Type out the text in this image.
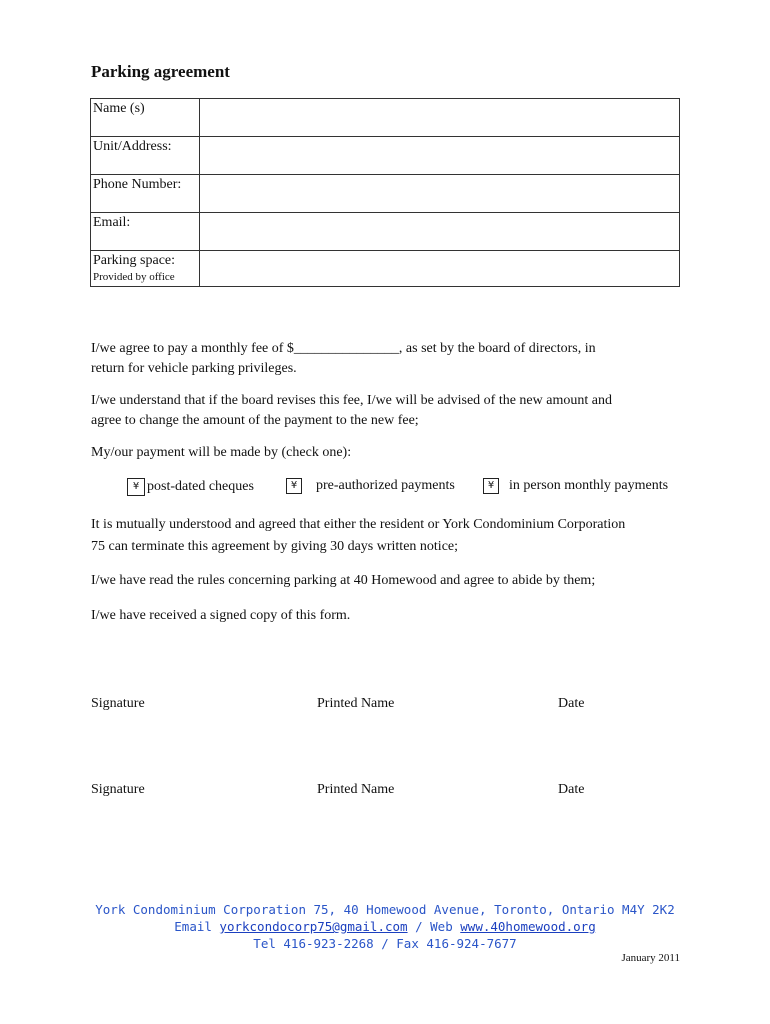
Parking agreement
Name (s)	
Unit/Address:	
Phone Number:	
Email:	
Parking space:
Provided by office	

I/we agree to pay a monthly fee of $_______________, as set by the board of directors, in
return for vehicle parking privileges.
I/we understand that if the board revises this fee, I/we will be advised of the new amount and
agree to change the amount of the payment to the new fee;
My/our payment will be made by (check one):
¥ post-dated cheques	¥	pre-authorized payments	¥	in person monthly payments
It is mutually understood and agreed that either the resident or York Condominium Corporation
75 can terminate this agreement by giving 30 days written notice;
I/we have read the rules concerning parking at 40 Homewood and agree to abide by them;
I/we have received a signed copy of this form.
Signature	Printed Name	Date
Signature	Printed Name	Date
York Condominium Corporation 75, 40 Homewood Avenue, Toronto, Ontario M4Y 2K2
Email yorkcondocorp75@gmail.com / Web www.40homewood.org
Tel 416-923-2268 / Fax 416-924-7677
January 2011
